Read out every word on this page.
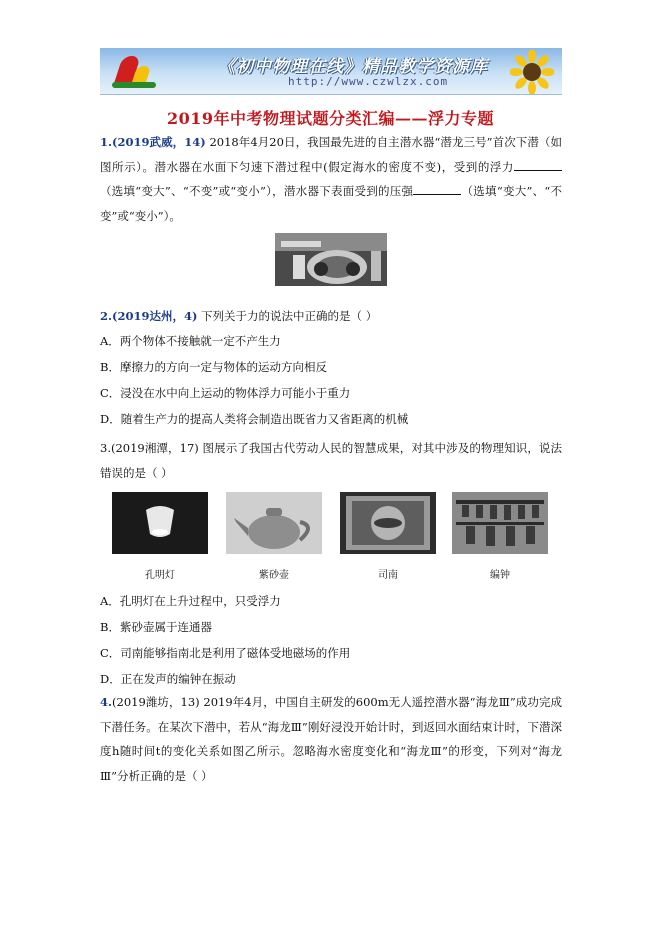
《初中物理在线》精品教学资源库
http://www.czwlzx.com
2019年中考物理试题分类汇编——浮力专题
1.(2019武威，14) 2018年4月20日，我国最先进的自主潜水器“潜龙三号”首次下潜（如图所示）。潜水器在水面下匀速下潜过程中(假定海水的密度不变)，受到的浮力（选填“变大”、“不变”或“变小”），潜水器下表面受到的压强	（选填“变大”、“不变”或“变小”）。
2.(2019达州，4) 下列关于力的说法中正确的是（ ）
A．两个物体不接触就一定不产生力
B．摩擦力的方向一定与物体的运动方向相反
C．浸没在水中向上运动的物体浮力可能小于重力
D．随着生产力的提高人类将会制造出既省力又省距离的机械
3.(2019湘潭，17) 图展示了我国古代劳动人民的智慧成果，对其中涉及的物理知识，说法错误的是（ ）
孔明灯	紫砂壶	司南	编钟
A．孔明灯在上升过程中，只受浮力
B．紫砂壶属于连通器
C．司南能够指南北是利用了磁体受地磁场的作用
D．正在发声的编钟在振动
4.(2019潍坊，13) 2019年4月，中国自主研发的600m无人遥控潜水器“海龙Ⅲ”成功完成下潜任务。在某次下潜中，若从“海龙Ⅲ”刚好浸没开始计时，到返回水面结束计时，下潜深度h随时间t的变化关系如图乙所示。忽略海水密度变化和“海龙Ⅲ”的形变，下列对“海龙Ⅲ”分析正确的是（ ）
